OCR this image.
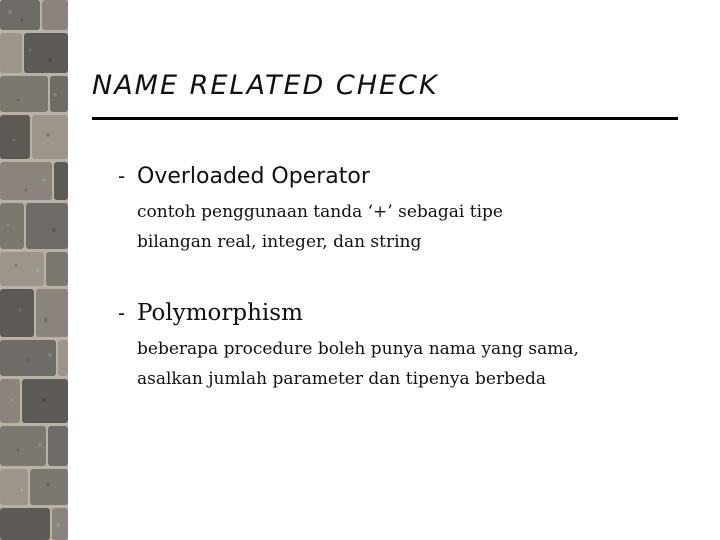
NAME RELATED CHECK
- Overloaded Operator
contoh penggunaan tanda ‘+’ sebagai tipe
bilangan real, integer, dan string
- Polymorphism
beberapa procedure boleh punya nama yang sama,
asalkan jumlah parameter dan tipenya berbeda
